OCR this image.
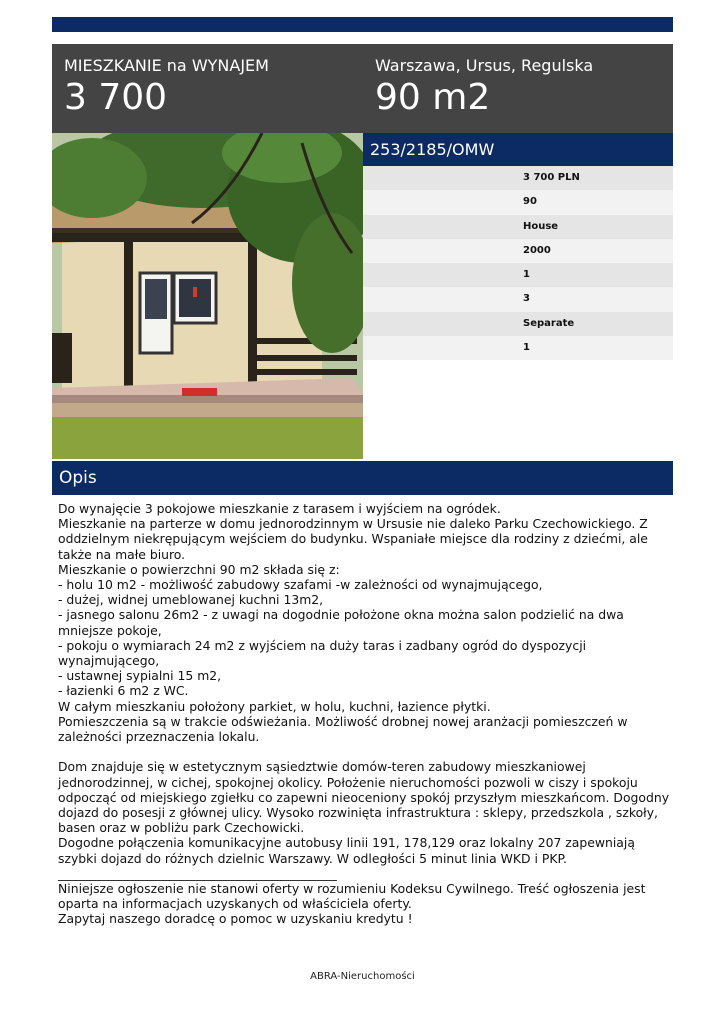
MIESZKANIE na WYNAJEM
3 700
Warszawa, Ursus, Regulska
90 m2
253/2185/OMW
3 700 PLN
90
House
2000
1
3
Separate
1
Opis
Do wynajęcie 3 pokojowe mieszkanie z tarasem i wyjściem na ogródek.
Mieszkanie na parterze w domu jednorodzinnym w Ursusie nie daleko Parku Czechowickiego. Z oddzielnym niekrępującym wejściem do budynku. Wspaniałe miejsce dla rodziny z dziećmi, ale także na małe biuro.
Mieszkanie o powierzchni 90 m2 składa się z:
- holu 10 m2 - możliwość zabudowy szafami -w zależności od wynajmującego,
- dużej, widnej umeblowanej kuchni 13m2,
- jasnego salonu 26m2 - z uwagi na dogodnie położone okna można salon podzielić na dwa mniejsze pokoje,
- pokoju o wymiarach 24 m2 z wyjściem na duży taras i zadbany ogród do dyspozycji wynajmującego,
- ustawnej sypialni 15 m2,
- łazienki 6 m2 z WC.
W całym mieszkaniu położony parkiet, w holu, kuchni, łazience płytki.
Pomieszczenia są w trakcie odświeżania. Możliwość drobnej nowej aranżacji pomieszczeń w zależności przeznaczenia lokalu.

Dom znajduje się w estetycznym sąsiedztwie domów-teren zabudowy mieszkaniowej jednorodzinnej, w cichej, spokojnej okolicy. Położenie nieruchomości pozwoli w ciszy i spokoju odpocząć od miejskiego zgiełku co zapewni nieoceniony spokój przyszłym mieszkańcom. Dogodny dojazd do posesji z głównej ulicy. Wysoko rozwinięta infrastruktura : sklepy, przedszkola , szkoły, basen oraz w pobliżu park Czechowicki.
Dogodne połączenia komunikacyjne autobusy linii 191, 178,129 oraz lokalny 207 zapewniają szybki dojazd do różnych dzielnic Warszawy. W odległości 5 minut linia WKD i PKP.
_____________________________________________
Niniejsze ogłoszenie nie stanowi oferty w rozumieniu Kodeksu Cywilnego. Treść ogłoszenia jest oparta na informacjach uzyskanych od właściciela oferty.
Zapytaj naszego doradcę o pomoc w uzyskaniu kredytu !
ABRA-Nieruchomości
